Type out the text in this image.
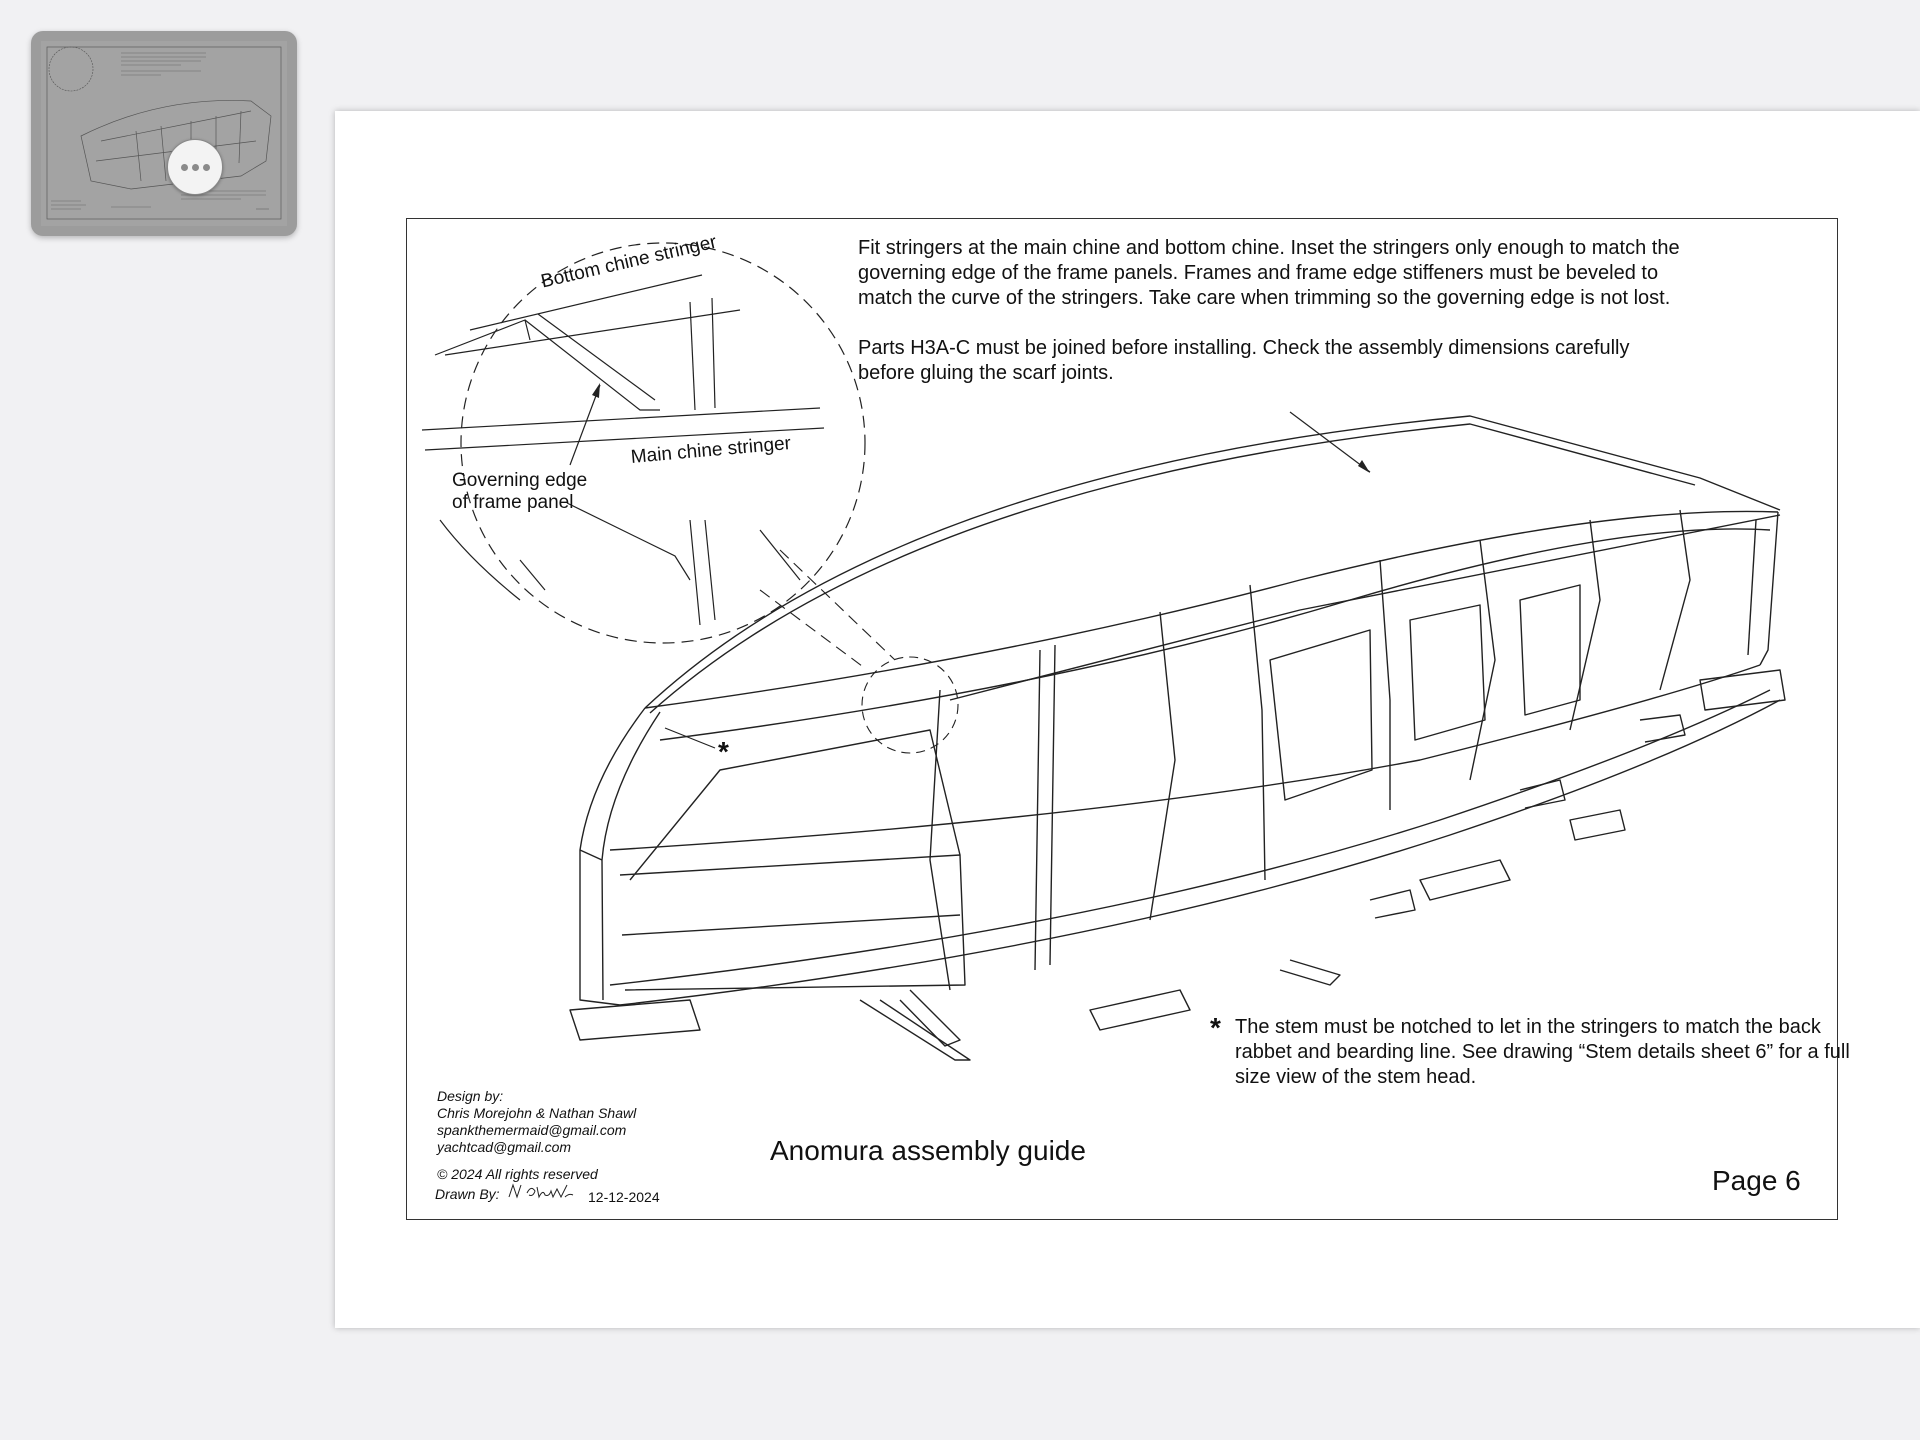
Bottom chine stringer
Main chine stringer
Governing edge
of frame panel
*

Fit stringers at the main chine and bottom chine. Inset the stringers only enough to match the governing edge of the frame panels. Frames and frame edge stiffeners must be beveled to match the curve of the stringers. Take care when trimming so the governing edge is not lost.

Parts H3A-C must be joined before installing. Check the assembly dimensions carefully before gluing the scarf joints.

* The stem must be notched to let in the stringers to match the back rabbet and bearding line. See drawing “Stem details sheet 6” for a full size view of the stem head.
Design by:
Chris Morejohn & Nathan Shawl
spankthemermaid@gmail.com
yachtcad@gmail.com
© 2024 All rights reserved
Drawn By:	12-12-2024
Anomura assembly guide
Page 6
